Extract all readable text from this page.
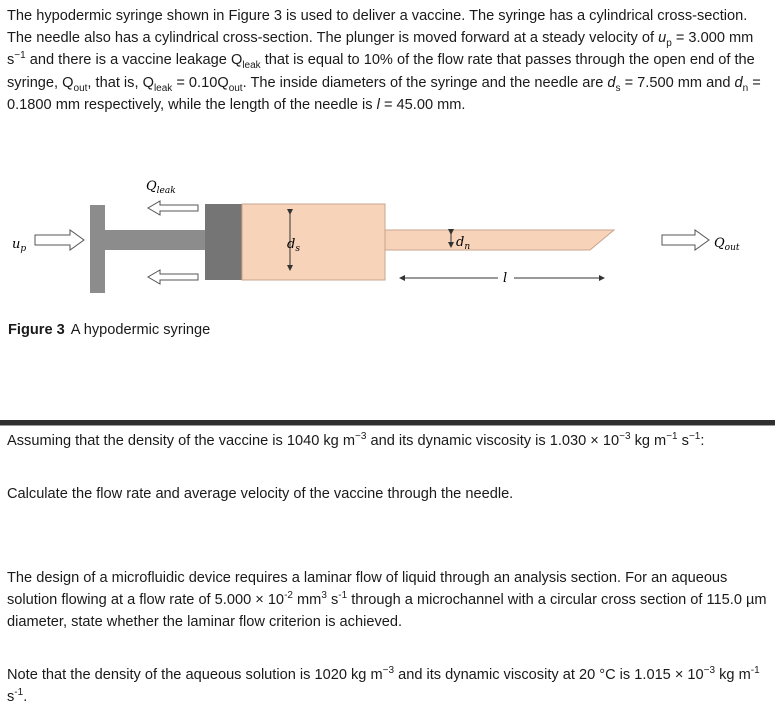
The hypodermic syringe shown in Figure 3 is used to deliver a vaccine. The syringe has a cylindrical cross-section. The needle also has a cylindrical cross-section. The plunger is moved forward at a steady velocity of $u_p = 3.000$ mm $s^{-1}$ and there is a vaccine leakage $Q_{leak}$ that is equal to 10% of the flow rate that passes through the open end of the syringe, $Q_{out}$, that is, $Q_{leak} = 0.10Q_{out}$. The inside diameters of the syringe and the needle are $d_s = 7.500$ mm and $d_n = 0.1800$ mm respectively, while the length of the needle is l = 45.00 mm.

$Q_{leak}$
$d_s$	$d_n$
l
$u_p$	$Q_{out}$
Figure 3 A hypodermic syringe

Assuming that the density of the vaccine is 1040 kg $m^{-3}$ and its dynamic viscosity is $1.030 \times 10^{-3}$ kg $m^{-1}$ $s^{-1}$:

Calculate the flow rate and average velocity of the vaccine through the needle.

The design of a microfluidic device requires a laminar flow of liquid through an analysis section. For an aqueous solution flowing at a flow rate of $5.000 \times 10^{-2}$ $mm^3$ $s^{-1}$ through a microchannel with a circular cross section of 115.0 µm diameter, state whether the laminar flow criterion is achieved.

Note that the density of the aqueous solution is 1020 kg $m^{-3}$ and its dynamic viscosity at 20 °C is $1.015 \times 10^{-3}$ kg $m^{-1}$ $s^{-1}$.
